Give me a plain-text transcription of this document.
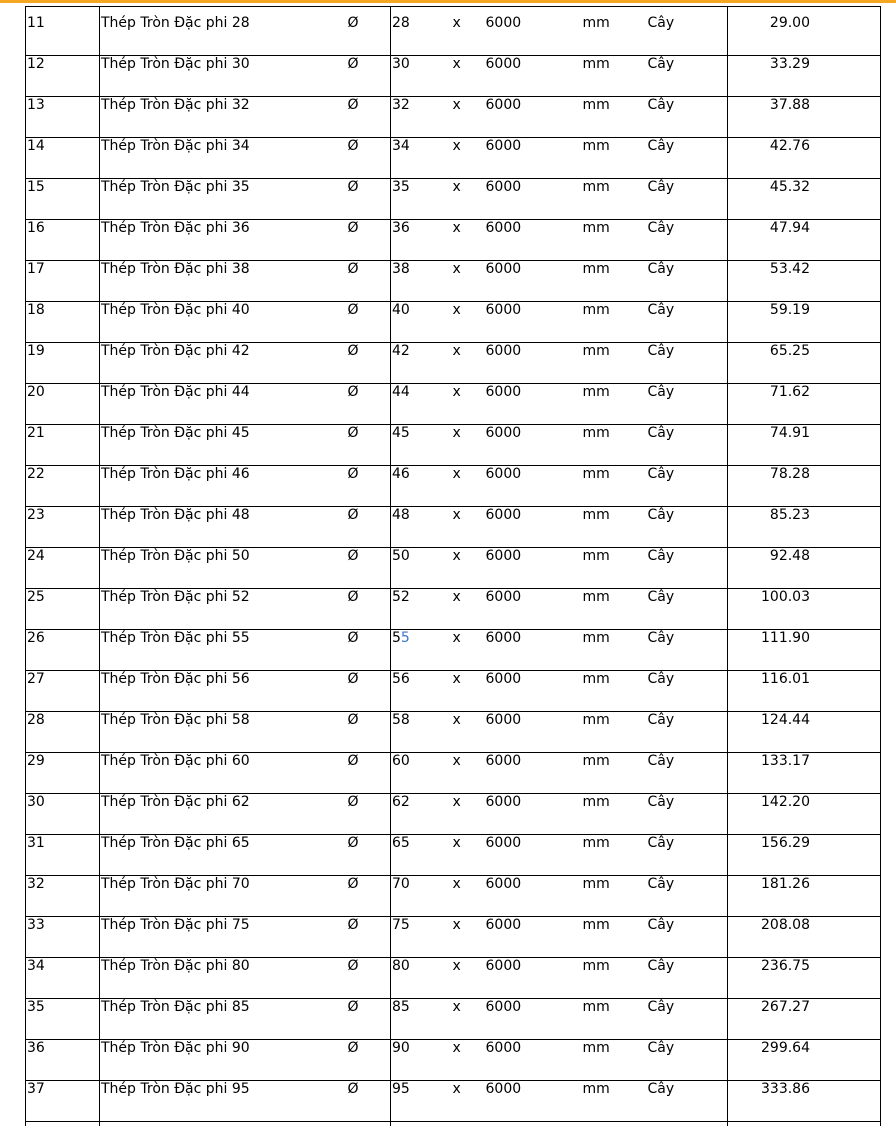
11	Thép Tròn Đặc phi 28	Ø	28	x	6000	mm	Cây	29.00
12	Thép Tròn Đặc phi 30	Ø	30	x	6000	mm	Cây	33.29
13	Thép Tròn Đặc phi 32	Ø	32	x	6000	mm	Cây	37.88
14	Thép Tròn Đặc phi 34	Ø	34	x	6000	mm	Cây	42.76
15	Thép Tròn Đặc phi 35	Ø	35	x	6000	mm	Cây	45.32
16	Thép Tròn Đặc phi 36	Ø	36	x	6000	mm	Cây	47.94
17	Thép Tròn Đặc phi 38	Ø	38	x	6000	mm	Cây	53.42
18	Thép Tròn Đặc phi 40	Ø	40	x	6000	mm	Cây	59.19
19	Thép Tròn Đặc phi 42	Ø	42	x	6000	mm	Cây	65.25
20	Thép Tròn Đặc phi 44	Ø	44	x	6000	mm	Cây	71.62
21	Thép Tròn Đặc phi 45	Ø	45	x	6000	mm	Cây	74.91
22	Thép Tròn Đặc phi 46	Ø	46	x	6000	mm	Cây	78.28
23	Thép Tròn Đặc phi 48	Ø	48	x	6000	mm	Cây	85.23
24	Thép Tròn Đặc phi 50	Ø	50	x	6000	mm	Cây	92.48
25	Thép Tròn Đặc phi 52	Ø	52	x	6000	mm	Cây	100.03
26	Thép Tròn Đặc phi 55	Ø	55	x	6000	mm	Cây	111.90
27	Thép Tròn Đặc phi 56	Ø	56	x	6000	mm	Cây	116.01
28	Thép Tròn Đặc phi 58	Ø	58	x	6000	mm	Cây	124.44
29	Thép Tròn Đặc phi 60	Ø	60	x	6000	mm	Cây	133.17
30	Thép Tròn Đặc phi 62	Ø	62	x	6000	mm	Cây	142.20
31	Thép Tròn Đặc phi 65	Ø	65	x	6000	mm	Cây	156.29
32	Thép Tròn Đặc phi 70	Ø	70	x	6000	mm	Cây	181.26
33	Thép Tròn Đặc phi 75	Ø	75	x	6000	mm	Cây	208.08
34	Thép Tròn Đặc phi 80	Ø	80	x	6000	mm	Cây	236.75
35	Thép Tròn Đặc phi 85	Ø	85	x	6000	mm	Cây	267.27
36	Thép Tròn Đặc phi 90	Ø	90	x	6000	mm	Cây	299.64
37	Thép Tròn Đặc phi 95	Ø	95	x	6000	mm	Cây	333.86
